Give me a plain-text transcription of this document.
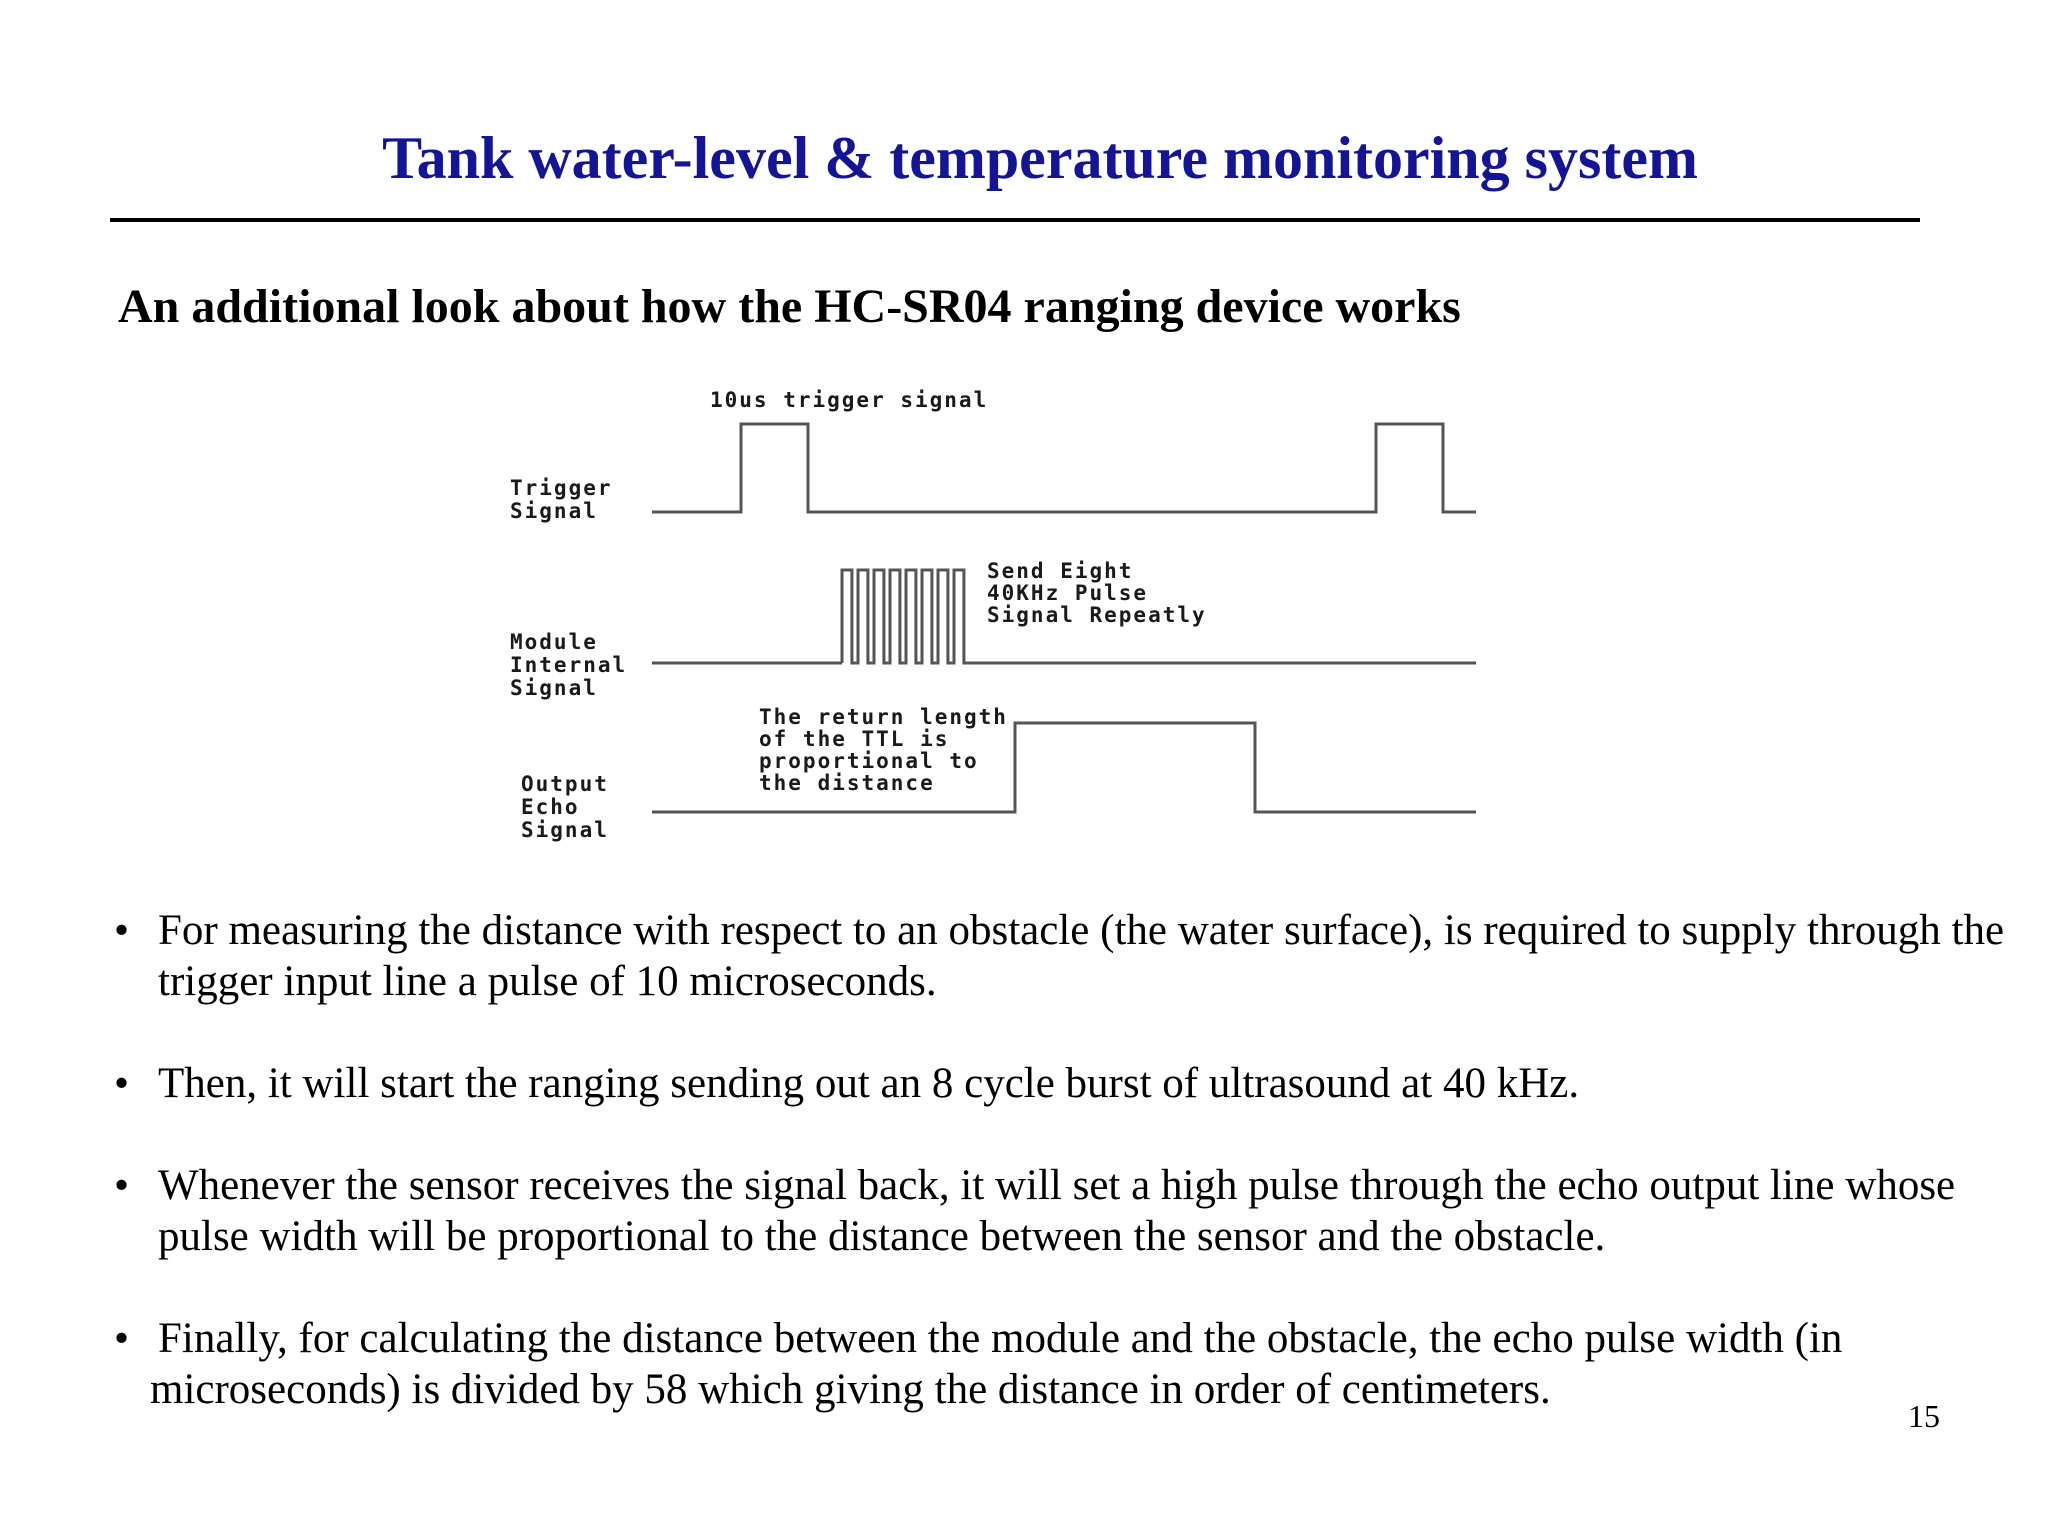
Tank water-level & temperature monitoring system
An additional look about how the HC-SR04 ranging device works
10us trigger signal
Trigger
Signal
Module
Internal
Signal
Send Eight
40KHz Pulse
Signal Repeatly
The return length
of the TTL is
proportional to
the distance
Output
Echo
Signal
• For measuring the distance with respect to an obstacle (the water surface), is required to supply through the trigger input line a pulse of 10 microseconds.
• Then, it will start the ranging sending out an 8 cycle burst of ultrasound at 40 kHz.
• Whenever the sensor receives the signal back, it will set a high pulse through the echo output line whose pulse width will be proportional to the distance between the sensor and the obstacle.
• Finally, for calculating the distance between the module and the obstacle, the echo pulse width (in microseconds) is divided by 58 which giving the distance in order of centimeters.
15
